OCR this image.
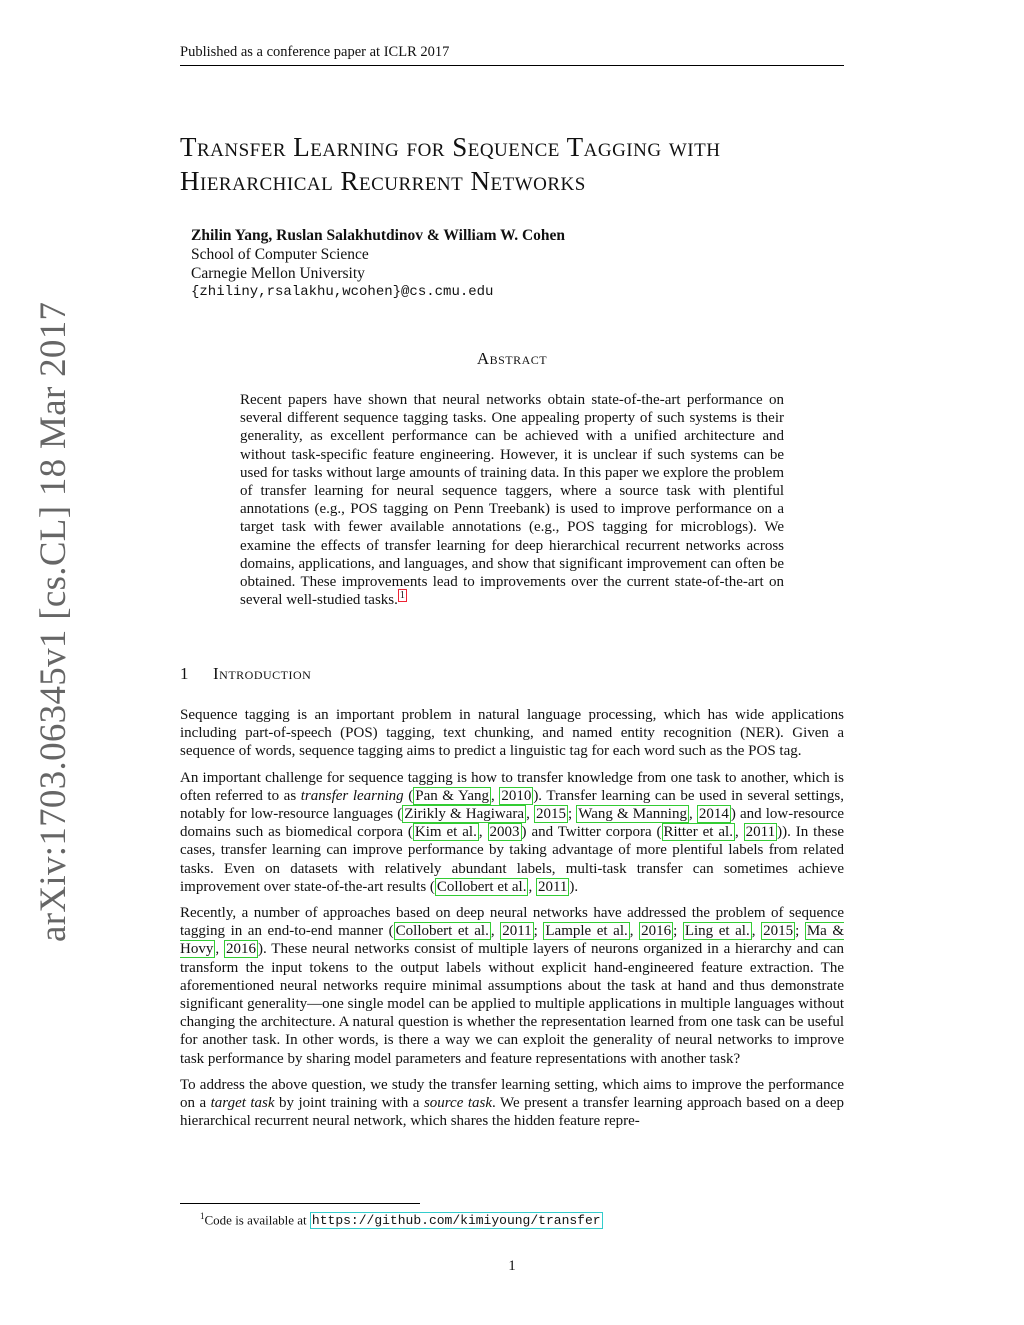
Published as a conference paper at ICLR 2017
Transfer Learning for Sequence Tagging with
Hierarchical Recurrent Networks
Zhilin Yang, Ruslan Salakhutdinov & William W. Cohen
School of Computer Science
Carnegie Mellon University
{zhiliny,rsalakhu,wcohen}@cs.cmu.edu
arXiv:1703.06345v1 [cs.CL] 18 Mar 2017	Abstract
Recent papers have shown that neural networks obtain state-of-the-art performance on several different sequence tagging tasks. One appealing property of such systems is their generality, as excellent performance can be achieved with a unified architecture and without task-specific feature engineering. However, it is unclear if such systems can be used for tasks without large amounts of training data. In this paper we explore the problem of transfer learning for neural sequence taggers, where a source task with plentiful annotations (e.g., POS tagging on Penn Treebank) is used to improve performance on a target task with fewer available annotations (e.g., POS tagging for microblogs). We examine the effects of transfer learning for deep hierarchical recurrent networks across domains, applications, and languages, and show that significant improvement can often be obtained. These improvements lead to improvements over the current state-of-the-art on several well-studied tasks. $^1$
1 Introduction

Sequence tagging is an important problem in natural language processing, which has wide applications including part-of-speech (POS) tagging, text chunking, and named entity recognition (NER). Given a sequence of words, sequence tagging aims to predict a linguistic tag for each word such as the POS tag.

An important challenge for sequence tagging is how to transfer knowledge from one task to another, which is often referred to as transfer learning ( Pan & Yang , 2010 ). Transfer learning can be used in several settings, notably for low-resource languages ( Zirikly & Hagiwara , 2015 ; Wang & Manning , 2014 ) and low-resource domains such as biomedical corpora ( Kim et al. , 2003 ) and Twitter corpora ( Ritter et al. , 2011 )). In these cases, transfer learning can improve performance by taking advantage of more plentiful labels from related tasks. Even on datasets with relatively abundant labels, multi-task transfer can sometimes achieve improvement over state-of-the-art results ( Collobert et al. , 2011 ).

Recently, a number of approaches based on deep neural networks have addressed the problem of sequence tagging in an end-to-end manner ( Collobert et al. , 2011 ; Lample et al. , 2016 ; Ling et al. , 2015 ; Ma & Hovy , 2016 ). These neural networks consist of multiple layers of neurons organized in a hierarchy and can transform the input tokens to the output labels without explicit hand-engineered feature extraction. The aforementioned neural networks require minimal assumptions about the task at hand and thus demonstrate significant generality—one single model can be applied to multiple applications in multiple languages without changing the architecture. A natural question is whether the representation learned from one task can be useful for another task. In other words, is there a way we can exploit the generality of neural networks to improve task performance by sharing model parameters and feature representations with another task?

To address the above question, we study the transfer learning setting, which aims to improve the performance on a target task by joint training with a source task. We present a transfer learning approach based on a deep hierarchical recurrent neural network, which shares the hidden feature repre-

$^1$Code is available at https://github.com/kimiyoung/transfer
1
